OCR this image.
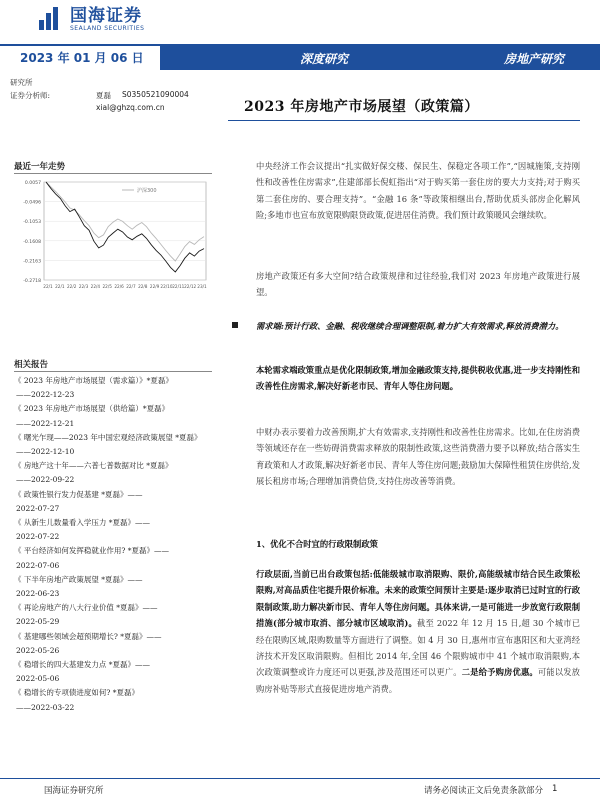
国海证券
SEALAND SECURITIES
2023 年 01 月 06 日	深度研究	房地产研究
研究所
证券分析师:	夏磊 S0350521090004
xial@ghzq.com.cn	2023 年房地产市场展望（政策篇）
最近一年走势
0.0057
-0.0496
-0.1053
-0.1608
-0.2163
-0.2718
22/1 22/1 22/2 22/3 22/4 22/5 22/6 22/7 22/8 22/9 22/10 22/11 22/12 23/1
沪深300
相关报告
《 2023 年房地产市场展望（需求篇）》*夏磊》
——2022-12-23
《 2023 年房地产市场展望（供给篇）*夏磊》
——2022-12-21
《 曙光乍现——2023 年中国宏观经济政策展望 *夏磊》
——2022-12-10
《 房地产这十年——六普七普数据对比 *夏磊》
——2022-09-22
《 政策性银行发力促基建 *夏磊》——
2022-07-27
《 从新生儿数量看入学压力 *夏磊》——
2022-07-22
《 平台经济如何发挥稳就业作用? *夏磊》——
2022-07-06
《 下半年房地产政策展望 *夏磊》——
2022-06-23
《 再论房地产的八大行业价值 *夏磊》——
2022-05-29
《 基建哪些领域会超预期增长? *夏磊》——
2022-05-26
《 稳增长的四大基建发力点 *夏磊》——
2022-05-06
《 稳增长的专项债进度如何? *夏磊》
——2022-03-22
中央经济工作会议提出“扎实做好保交楼、保民生、保稳定各项工作”,“因城施策,支持刚性和改善性住房需求”,住建部部长倪虹指出“对于购买第一套住房的要大力支持;对于购买第二套住房的、要合理支持”。“金融 16 条”等政策相继出台,帮助优质头部房企化解风险;多地市也宣布放宽限购限贷政策,促进居住消费。我们预计政策暖风会继续吹。
房地产政策还有多大空间?结合政策规律和过往经验,我们对 2023 年房地产政策进行展望。
需求端:预计行政、金融、税收继续合理调整限制,着力扩大有效需求,释放消费潜力。
本轮需求端政策重点是优化限制政策,增加金融政策支持,提供税收优惠,进一步支持刚性和改善性住房需求,解决好新老市民、青年人等住房问题。
中财办表示要着力改善预期,扩大有效需求,支持刚性和改善性住房需求。比如,在住房消费等领域还存在一些妨碍消费需求释放的限制性政策,这些消费潜力要予以释放;结合落实生育政策和人才政策,解决好新老市民、青年人等住房问题;鼓励加大保障性租赁住房供给,发展长租房市场;合理增加消费信贷,支持住房改善等消费。
1、优化不合时宜的行政限制政策
行政层面,当前已出台政策包括:低能级城市取消限购、限价,高能级城市结合民生政策松限购,对高品质住宅提升限价标准。未来的政策空间预计主要是:逐步取消已过时宜的行政限制政策,助力解决新市民、青年人等住房问题。具体来讲,一是可能进一步放宽行政限制措施(部分城市取消、部分城市区域取消)。截至 2022 年 12 月 15 日,超 30 个城市已经在限购区域,限购数量等方面进行了调整。如 4 月 30 日,惠州市宣布惠阳区和大亚湾经济技术开发区取消限购。但相比 2014 年,全国 46 个限购城市中 41 个城市取消限购,本次政策调整或许力度还可以更强,涉及范围还可以更广。二是给予购房优惠。可能以发放购房补贴等形式直接促进房地产消费。
国海证券研究所	请务必阅读正文后免责条款部分 1
